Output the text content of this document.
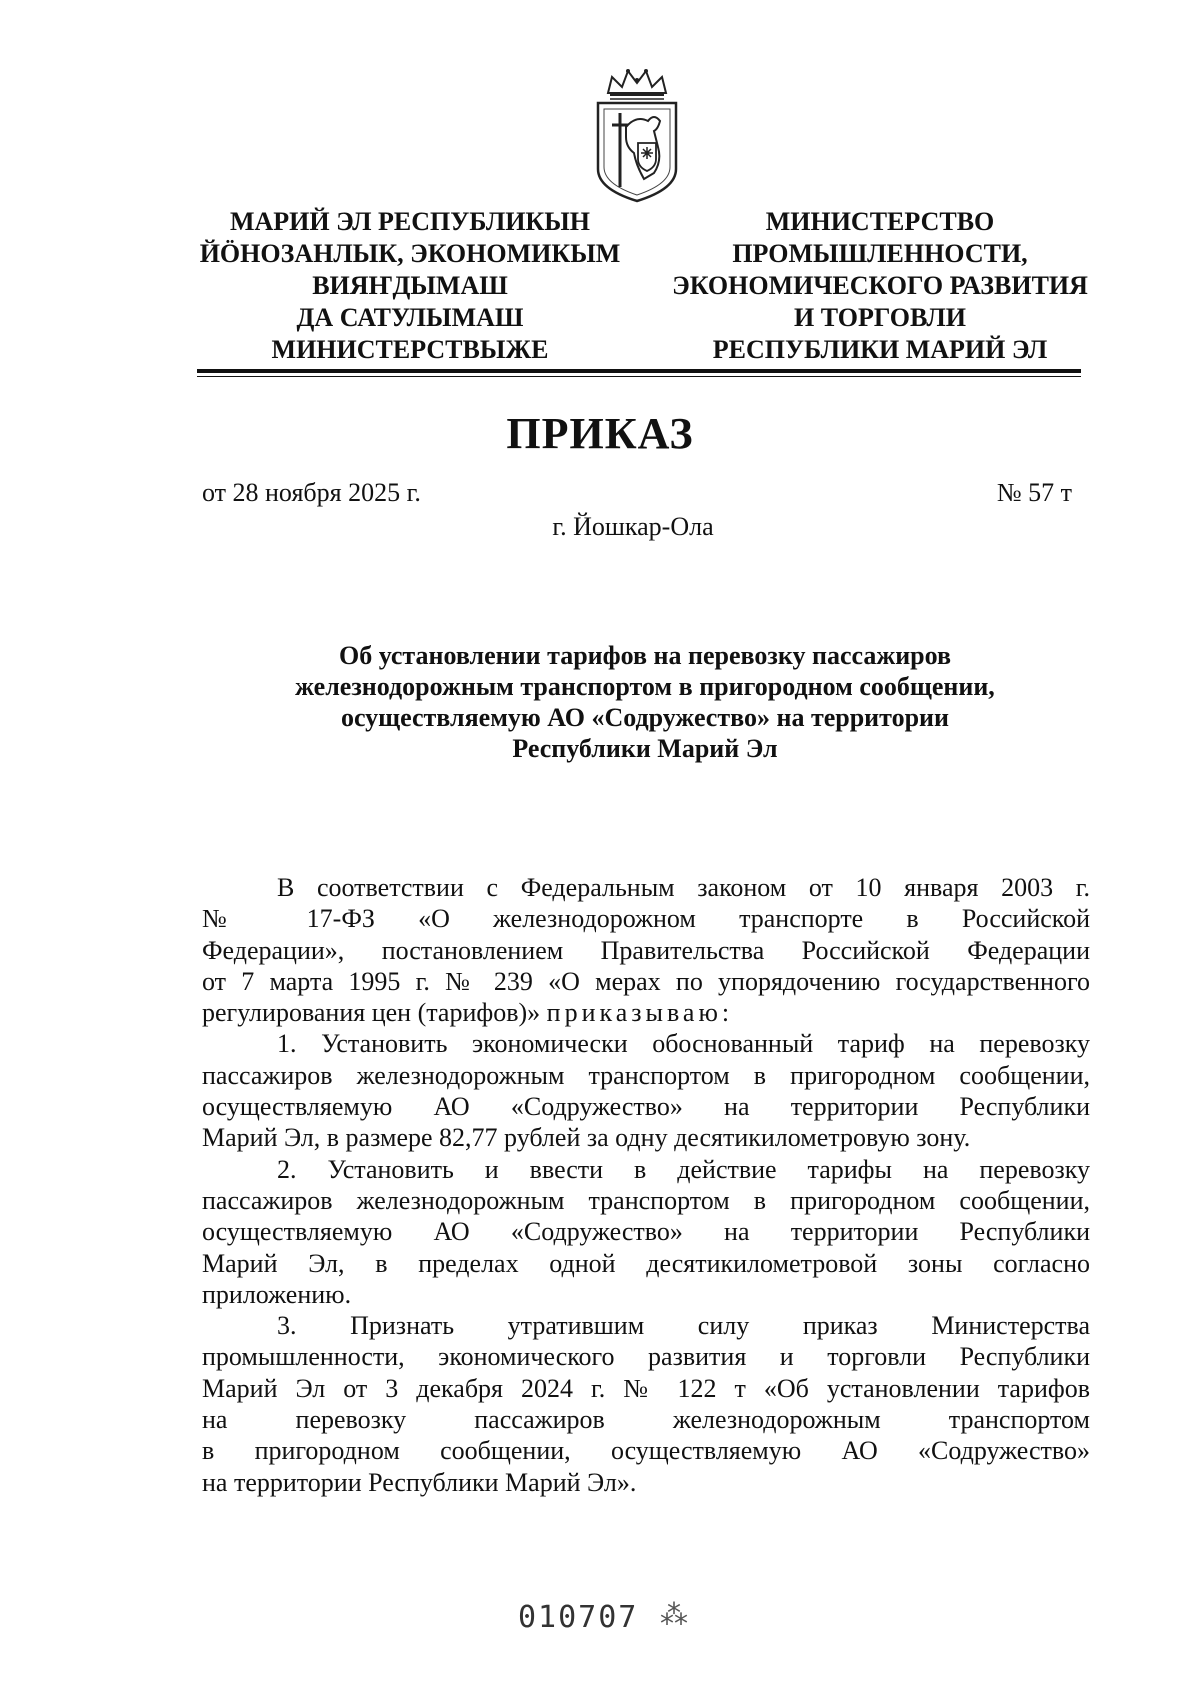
МАРИЙ ЭЛ РЕСПУБЛИКЫН
ЙӦНОЗАНЛЫК, ЭКОНОМИКЫМ
ВИЯҤДЫМАШ
ДА САТУЛЫМАШ
МИНИСТЕРСТВЫЖЕ
МИНИСТЕРСТВО
ПРОМЫШЛЕННОСТИ,
ЭКОНОМИЧЕСКОГО РАЗВИТИЯ
И ТОРГОВЛИ
РЕСПУБЛИКИ МАРИЙ ЭЛ
ПРИКАЗ
от 28 ноября 2025 г.	№ 57 т
г. Йошкар-Ола
Об установлении тарифов на перевозку пассажиров
железнодорожным транспортом в пригородном сообщении,
осуществляемую АО «Содружество» на территории
Республики Марий Эл
В соответствии с Федеральным законом от 10 января 2003 г.
№ 17-ФЗ «О железнодорожном транспорте в Российской
Федерации», постановлением Правительства Российской Федерации
от 7 марта 1995 г. № 239 «О мерах по упорядочению государственного
регулирования цен (тарифов)» приказываю:
1. Установить экономически обоснованный тариф на перевозку
пассажиров железнодорожным транспортом в пригородном сообщении,
осуществляемую АО «Содружество» на территории Республики
Марий Эл, в размере 82,77 рублей за одну десятикилометровую зону.
2. Установить и ввести в действие тарифы на перевозку
пассажиров железнодорожным транспортом в пригородном сообщении,
осуществляемую АО «Содружество» на территории Республики
Марий Эл, в пределах одной десятикилометровой зоны согласно
приложению.
3. Признать утратившим силу приказ Министерства
промышленности, экономического развития и торговли Республики
Марий Эл от 3 декабря 2024 г. № 122 т «Об установлении тарифов
на перевозку пассажиров железнодорожным транспортом
в пригородном сообщении, осуществляемую АО «Содружество»
на территории Республики Марий Эл».
010707 ⁂
